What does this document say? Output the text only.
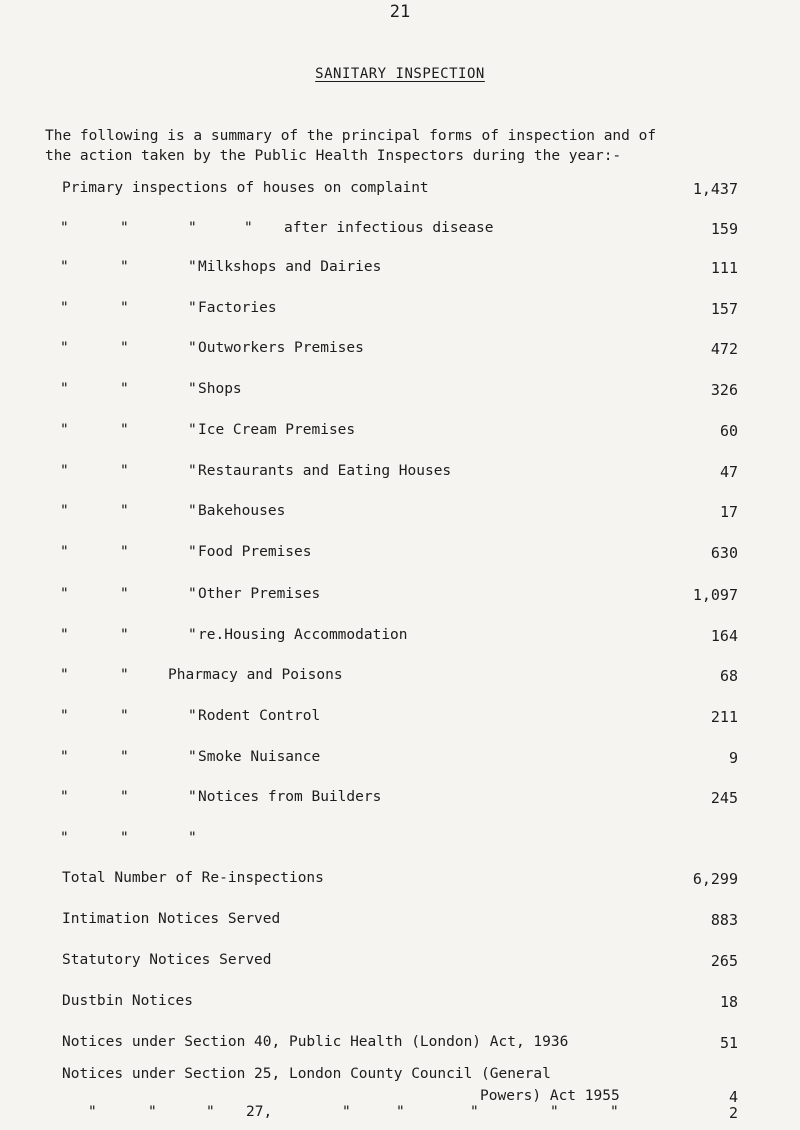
21
SANITARY INSPECTION
The following is a summary of the principal forms of inspection and of
the action taken by the Public Health Inspectors during the year:-
Primary inspections of houses on complaint	1,437
"	"	"	" after infectious disease	159
"	"	" Milkshops and Dairies	111
"	"	" Factories	157
"	"	" Outworkers Premises	472
"	"	" Shops	326
"	"	" Ice Cream Premises	60
"	"	" Restaurants and Eating Houses	47
"	"	" Bakehouses	17
"	"	" Food Premises	630
"	"	" Other Premises	1,097
"	"	" re.Housing Accommodation	164
"	"	Pharmacy and Poisons	68
"	"	" Rodent Control	211
"	"	" Smoke Nuisance	9
"	"	" Notices from Builders	245
"	"	"
Total Number of Re-inspections	6,299
Intimation Notices Served	883
Statutory Notices Served	265
Dustbin Notices	18
Notices under Section 40, Public Health (London) Act, 1936	51
Notices under Section 25, London County Council (General
Powers) Act 1955	4
"	"	" 27,	"	"	"	"	"	2
